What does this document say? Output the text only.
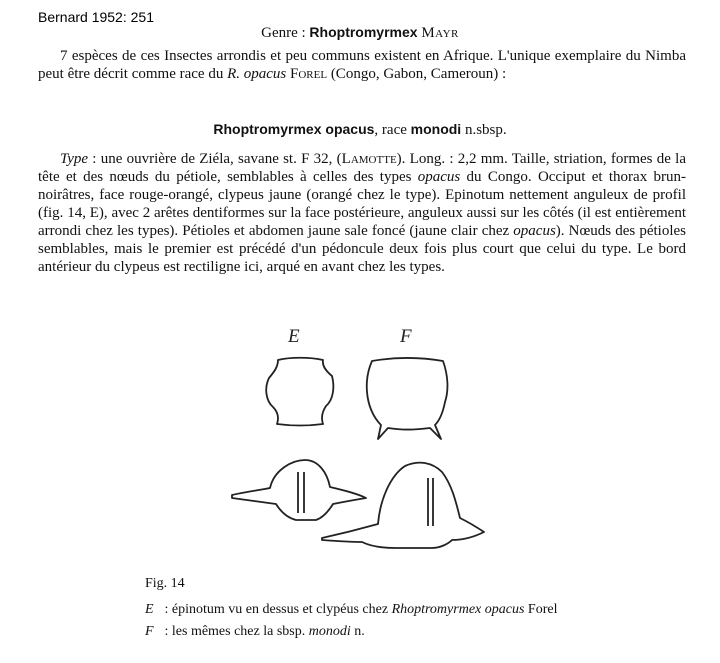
Bernard 1952: 251
Genre : Rhoptromyrmex Mayr
7 espèces de ces Insectes arrondis et peu communs existent en Afrique. L'unique exemplaire du Nimba peut être décrit comme race du R. opacus Forel (Congo, Gabon, Cameroun) :
Rhoptromyrmex opacus, race monodi n.sbsp.
Type : une ouvrière de Ziéla, savane st. F 32, (Lamotte). Long. : 2,2 mm. Taille, striation, formes de la tête et des nœuds du pétiole, semblables à celles des types opacus du Congo. Occiput et thorax brun-noirâtres, face rouge-orangé, clypeus jaune (orangé chez le type). Epinotum nettement anguleux de profil (fig. 14, E), avec 2 arêtes dentiformes sur la face postérieure, anguleux aussi sur les côtés (il est entièrement arrondi chez les types). Pétioles et abdomen jaune sale foncé (jaune clair chez opacus). Nœuds des pétioles semblables, mais le premier est précédé d'un pédoncule deux fois plus court que celui du type. Le bord antérieur du clypeus est rectiligne ici, arqué en avant chez les types.
E	F
Fig. 14
E : épinotum vu en dessus et clypéus chez Rhoptromyrmex opacus Forel
F : les mêmes chez la sbsp. monodi n.
